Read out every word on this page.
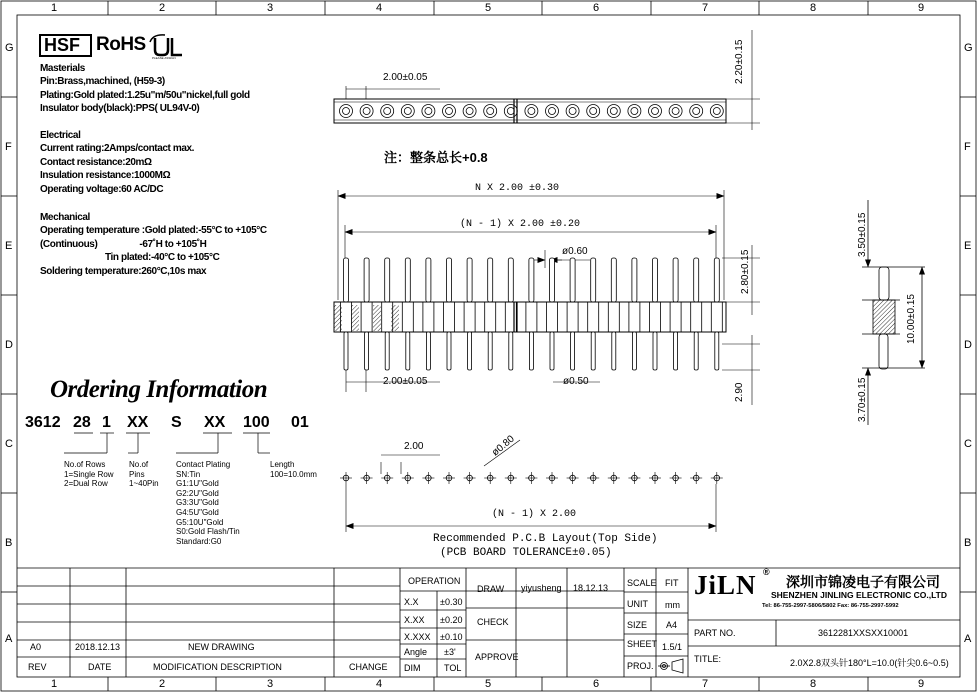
1	2	3	4	5	6	7	8	9
1	2	3	4	5	6	7	8	9
G
F
E
D
C
B
A
G
F
E
D
C
B
A
HSF RoHS
PLEASE ASSIGN
Masterials
Pin:Brass,machined, (H59-3)
Plating:Gold plated:1.25u"m/50u"nickel,full gold
Insulator body(black):PPS( UL94V-0)
Electrical
Current rating:2Amps/contact max.
Contact resistance:20mΩ
Insulation resistance:1000MΩ
Operating voltage:60 AC/DC
Mechanical
Operating temperature :Gold plated:-55°C to +105°C
(Continuous)	-67˚H to +105˚H
Tin plated:-40°C to +105°C
Soldering temperature:260°C,10s max
Ordering Information
3612 28 1 XX S XX 100 01
No.of Rows
1=Single Row
2=Dual Row
No.of
Pins
1~40Pin
Contact Plating
SN:Tin
G1:1U"Gold
G2:2U"Gold
G3:3U"Gold
G4:5U"Gold
G5:10U"Gold
S0:Gold Flash/Tin
Standard:G0
Length
100=10.0mm
2.00±0.05	2.20±0.15
注：整条总长+0.8
N X 2.00 ±0.30
(N - 1) X 2.00 ±0.20
ø0.60	2.80±0.15
2.00±0.05	ø0.50
2.90
3.50±0.15
10.00±0.15
3.70±0.15
2.00	ø0.80
(N - 1) X 2.00
Recommended P.C.B Layout(Top Side)
(PCB BOARD TOLERANCE±0.05)
A0	2018.12.13	NEW DRAWING
REV	DATE	MODIFICATION DESCRIPTION	CHANGE
OPERATION
X.X ±0.30
X.XX ±0.20
X.XXX ±0.10
Angle ±3'
DIM	TOL
DRAW yiyusheng 18.12.13
CHECK
APPROVE
SCALE FIT
UNIT mm
SIZE A4
SHEET 1.5/1
PROJ.
JiLN ®
深圳市锦凌电子有限公司
SHENZHEN JINLING ELECTRONIC CO.,LTD
Tel: 86-755-2997-5806/5802 Fax: 86-755-2997-5992
PART NO.	3612281XXSXX10001
TITLE:	2.0X2.8双头针180°L=10.0(针尖0.6~0.5)
